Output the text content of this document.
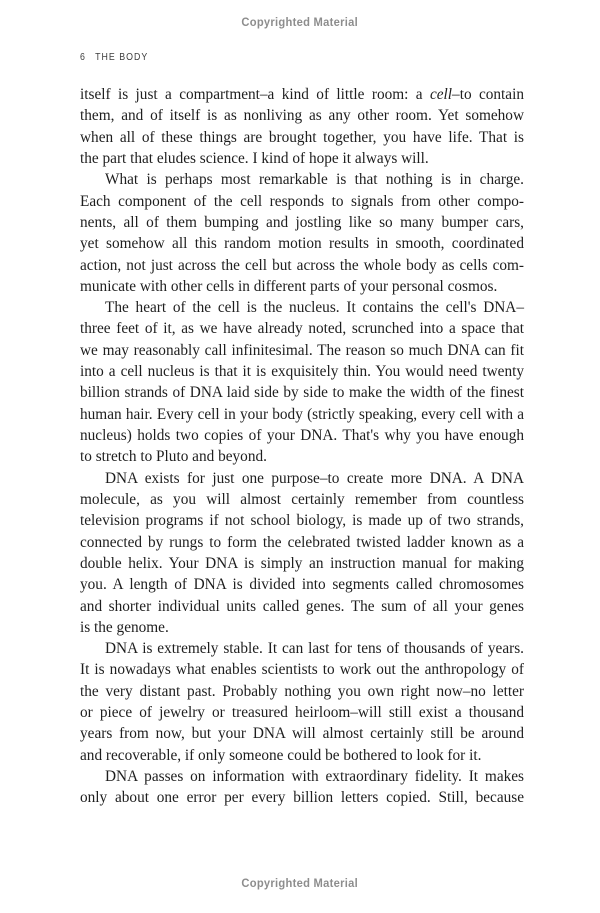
Copyrighted Material
6 THE BODY
itself is just a compartment–a kind of little room: a cell–to contain
them, and of itself is as nonliving as any other room. Yet somehow
when all of these things are brought together, you have life. That is
the part that eludes science. I kind of hope it always will.
What is perhaps most remarkable is that nothing is in charge.
Each component of the cell responds to signals from other compo-
nents, all of them bumping and jostling like so many bumper cars,
yet somehow all this random motion results in smooth, coordinated
action, not just across the cell but across the whole body as cells com-
municate with other cells in different parts of your personal cosmos.
The heart of the cell is the nucleus. It contains the cell's DNA–
three feet of it, as we have already noted, scrunched into a space that
we may reasonably call infinitesimal. The reason so much DNA can fit
into a cell nucleus is that it is exquisitely thin. You would need twenty
billion strands of DNA laid side by side to make the width of the finest
human hair. Every cell in your body (strictly speaking, every cell with a
nucleus) holds two copies of your DNA. That's why you have enough
to stretch to Pluto and beyond.
DNA exists for just one purpose–to create more DNA. A DNA
molecule, as you will almost certainly remember from countless
television programs if not school biology, is made up of two strands,
connected by rungs to form the celebrated twisted ladder known as a
double helix. Your DNA is simply an instruction manual for making
you. A length of DNA is divided into segments called chromosomes
and shorter individual units called genes. The sum of all your genes
is the genome.
DNA is extremely stable. It can last for tens of thousands of years.
It is nowadays what enables scientists to work out the anthropology of
the very distant past. Probably nothing you own right now–no letter
or piece of jewelry or treasured heirloom–will still exist a thousand
years from now, but your DNA will almost certainly still be around
and recoverable, if only someone could be bothered to look for it.
DNA passes on information with extraordinary fidelity. It makes
only about one error per every billion letters copied. Still, because
Copyrighted Material
